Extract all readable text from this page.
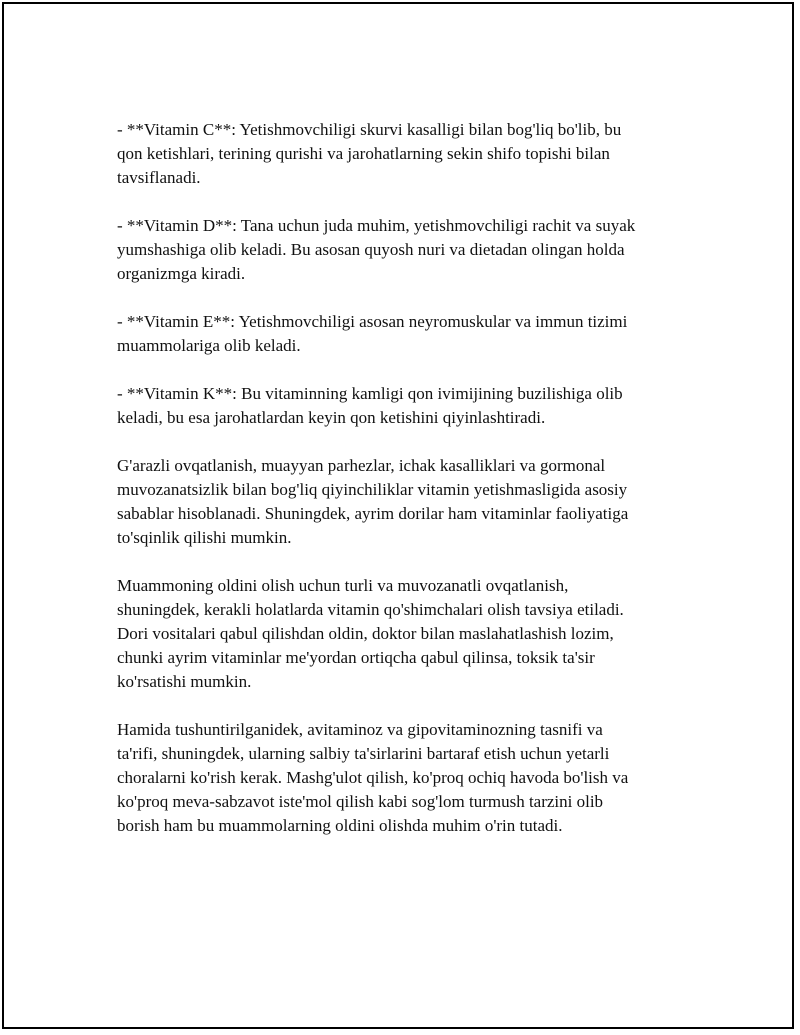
- **Vitamin C**: Yetishmovchiligi skurvi kasalligi bilan bog'liq bo'lib, bu
qon ketishlari, terining qurishi va jarohatlarning sekin shifo topishi bilan
tavsiflanadi.

- **Vitamin D**: Tana uchun juda muhim, yetishmovchiligi rachit va suyak
yumshashiga olib keladi. Bu asosan quyosh nuri va dietadan olingan holda
organizmga kiradi.

- **Vitamin E**: Yetishmovchiligi asosan neyromuskular va immun tizimi
muammolariga olib keladi.

- **Vitamin K**: Bu vitaminning kamligi qon ivimijining buzilishiga olib
keladi, bu esa jarohatlardan keyin qon ketishini qiyinlashtiradi.

G'arazli ovqatlanish, muayyan parhezlar, ichak kasalliklari va gormonal
muvozanatsizlik bilan bog'liq qiyinchiliklar vitamin yetishmasligida asosiy
sabablar hisoblanadi. Shuningdek, ayrim dorilar ham vitaminlar faoliyatiga
to'sqinlik qilishi mumkin.

Muammoning oldini olish uchun turli va muvozanatli ovqatlanish,
shuningdek, kerakli holatlarda vitamin qo'shimchalari olish tavsiya etiladi.
Dori vositalari qabul qilishdan oldin, doktor bilan maslahatlashish lozim,
chunki ayrim vitaminlar me'yordan ortiqcha qabul qilinsa, toksik ta'sir
ko'rsatishi mumkin.

Hamida tushuntirilganidek, avitaminoz va gipovitaminozning tasnifi va
ta'rifi, shuningdek, ularning salbiy ta'sirlarini bartaraf etish uchun yetarli
choralarni ko'rish kerak. Mashg'ulot qilish, ko'proq ochiq havoda bo'lish va
ko'proq meva-sabzavot iste'mol qilish kabi sog'lom turmush tarzini olib
borish ham bu muammolarning oldini olishda muhim o'rin tutadi.
